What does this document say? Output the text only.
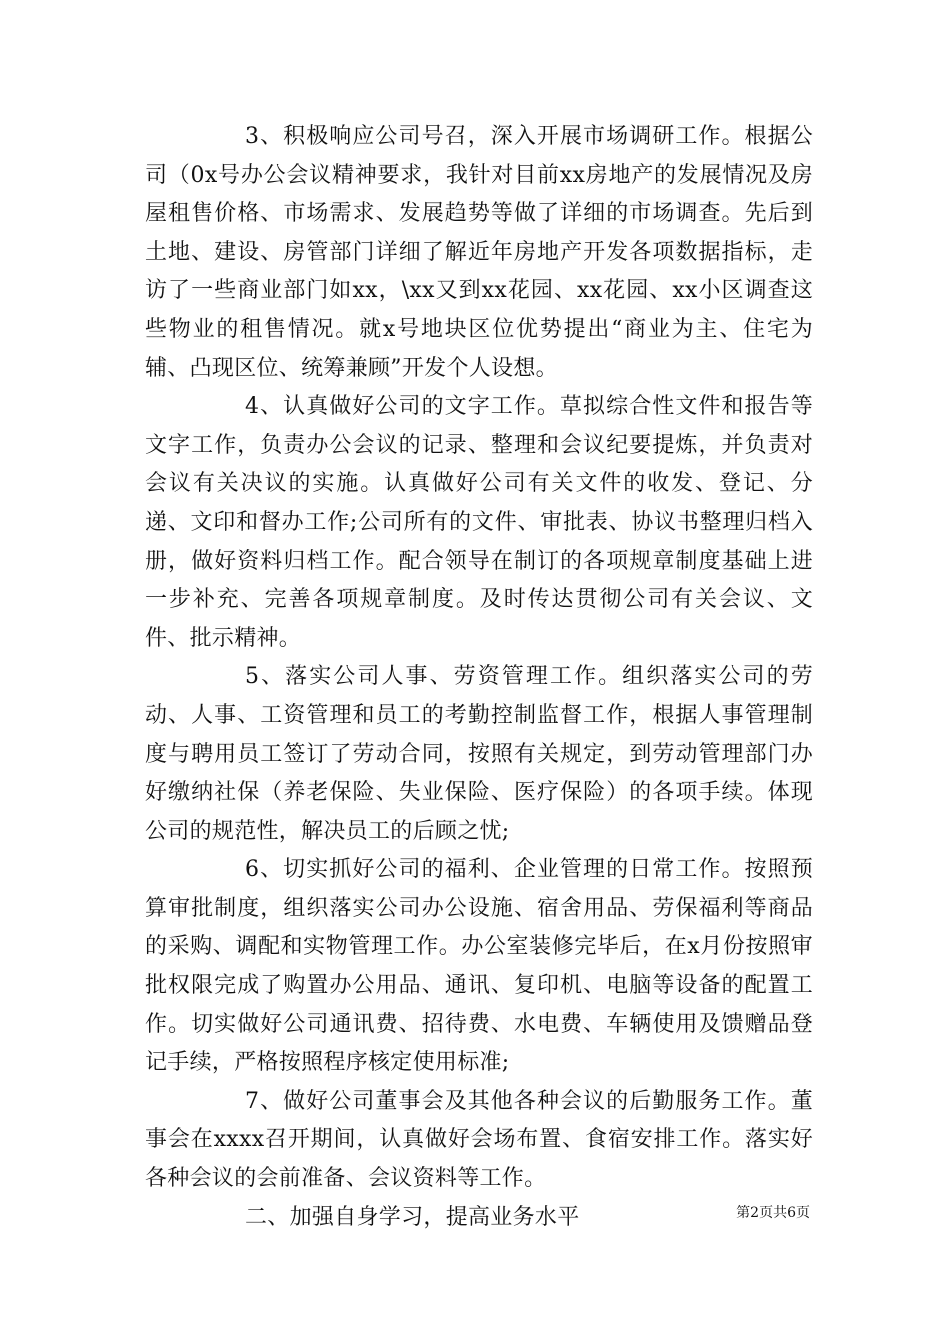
3、积极响应公司号召，深入开展市场调研工作。根据公司（0x号办公会议精神要求，我针对目前xx房地产的发展情况及房屋租售价格、市场需求、发展趋势等做了详细的市场调查。先后到土地、建设、房管部门详细了解近年房地产开发各项数据指标，走访了一些商业部门如xx，\xx又到xx花园、xx花园、xx小区调查这些物业的租售情况。就x号地块区位优势提出“商业为主、住宅为辅、凸现区位、统筹兼顾”开发个人设想。

4、认真做好公司的文字工作。草拟综合性文件和报告等文字工作，负责办公会议的记录、整理和会议纪要提炼，并负责对会议有关决议的实施。认真做好公司有关文件的收发、登记、分递、文印和督办工作;公司所有的文件、审批表、协议书整理归档入册，做好资料归档工作。配合领导在制订的各项规章制度基础上进一步补充、完善各项规章制度。及时传达贯彻公司有关会议、文件、批示精神。

5、落实公司人事、劳资管理工作。组织落实公司的劳动、人事、工资管理和员工的考勤控制监督工作，根据人事管理制度与聘用员工签订了劳动合同，按照有关规定，到劳动管理部门办好缴纳社保（养老保险、失业保险、医疗保险）的各项手续。体现公司的规范性，解决员工的后顾之忧;

6、切实抓好公司的福利、企业管理的日常工作。按照预算审批制度，组织落实公司办公设施、宿舍用品、劳保福利等商品的采购、调配和实物管理工作。办公室装修完毕后，在x月份按照审批权限完成了购置办公用品、通讯、复印机、电脑等设备的配置工作。切实做好公司通讯费、招待费、水电费、车辆使用及馈赠品登记手续，严格按照程序核定使用标准;

7、做好公司董事会及其他各种会议的后勤服务工作。董事会在xxxx召开期间，认真做好会场布置、食宿安排工作。落实好各种会议的会前准备、会议资料等工作。

二、加强自身学习，提高业务水平	第2页共6页
